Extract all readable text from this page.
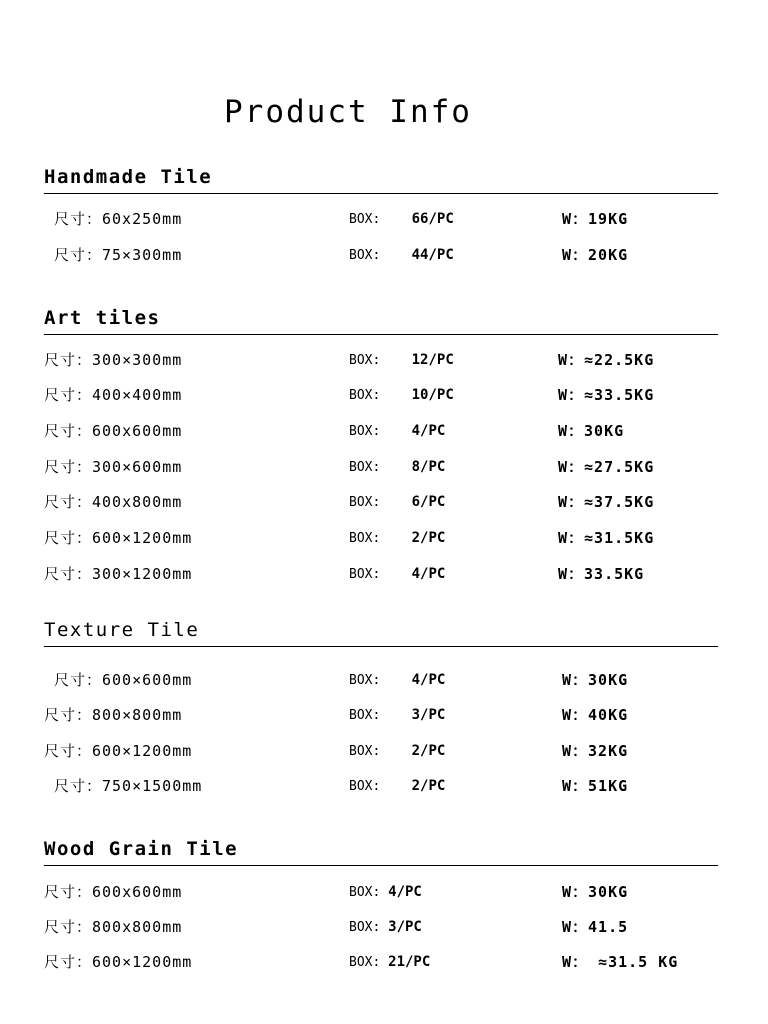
Product Info
Handmade Tile
尺寸：60x250mm	BOX: 66/PC	W：19KG
尺寸：75×300mm	BOX: 44/PC	W：20KG
Art tiles
尺寸：300×300mm	BOX: 12/PC	W：≈22.5KG
尺寸：400×400mm	BOX: 10/PC	W：≈33.5KG
尺寸：600x600mm	BOX: 4/PC	W：30KG
尺寸：300×600mm	BOX: 8/PC	W：≈27.5KG
尺寸：400x800mm	BOX: 6/PC	W：≈37.5KG
尺寸：600×1200mm	BOX: 2/PC	W：≈31.5KG
尺寸：300×1200mm	BOX: 4/PC	W：33.5KG
Texture Tile
尺寸：600×600mm	BOX: 4/PC	W：30KG
尺寸：800×800mm	BOX: 3/PC	W：40KG
尺寸：600×1200mm	BOX: 2/PC	W：32KG
尺寸：750×1500mm	BOX: 2/PC	W：51KG
Wood Grain Tile
尺寸：600x600mm	BOX: 4/PC	W：30KG
尺寸：800x800mm	BOX: 3/PC	W：41.5
尺寸：600×1200mm	BOX: 21/PC	W： ≈31.5 KG
